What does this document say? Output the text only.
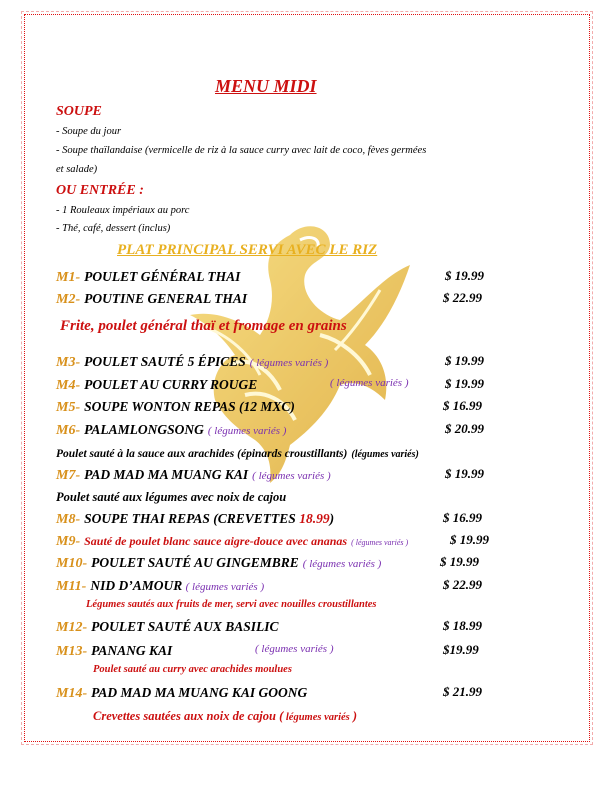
MENU MIDI
SOUPE
- Soupe du jour
- Soupe thaïlandaise (vermicelle de riz à la sauce curry avec lait de coco, fèves germées
et salade)
OU ENTRÉE :
- 1 Rouleaux impériaux au porc
- Thé, café, dessert (inclus)
PLAT PRINCIPAL SERVI AVEC LE RIZ
M1- POULET GÉNÉRAL THAI	$ 19.99
M2- POUTINE GENERAL THAI	$ 22.99
Frite, poulet général thaï et fromage en grains
M3- POULET SAUTÉ 5 ÉPICES ( légumes variés )	$ 19.99
M4- POULET AU CURRY ROUGE	( légumes variés )	$ 19.99
M5- SOUPE WONTON REPAS (12 MXC)	$ 16.99
M6- PALAMLONGSONG ( légumes variés )	$ 20.99
Poulet sauté à la sauce aux arachides (épinards croustillants) (légumes variés)
M7- PAD MAD MA MUANG KAI ( légumes variés )	$ 19.99
Poulet sauté aux légumes avec noix de cajou
M8- SOUPE THAI REPAS (CREVETTES 18.99)	$ 16.99
M9- Sauté de poulet blanc sauce aigre-douce avec ananas ( légumes variés )	$ 19.99
M10- POULET SAUTÉ AU GINGEMBRE ( légumes variés )	$ 19.99
M11- NID D’AMOUR ( légumes variés )	$ 22.99
Légumes sautés aux fruits de mer, servi avec nouilles croustillantes
M12- POULET SAUTÉ AUX BASILIC	$ 18.99
M13- PANANG KAI	( légumes variés )	$19.99
Poulet sauté au curry avec arachides moulues
M14- PAD MAD MA MUANG KAI GOONG	$ 21.99
Crevettes sautées aux noix de cajou ( légumes variés )
